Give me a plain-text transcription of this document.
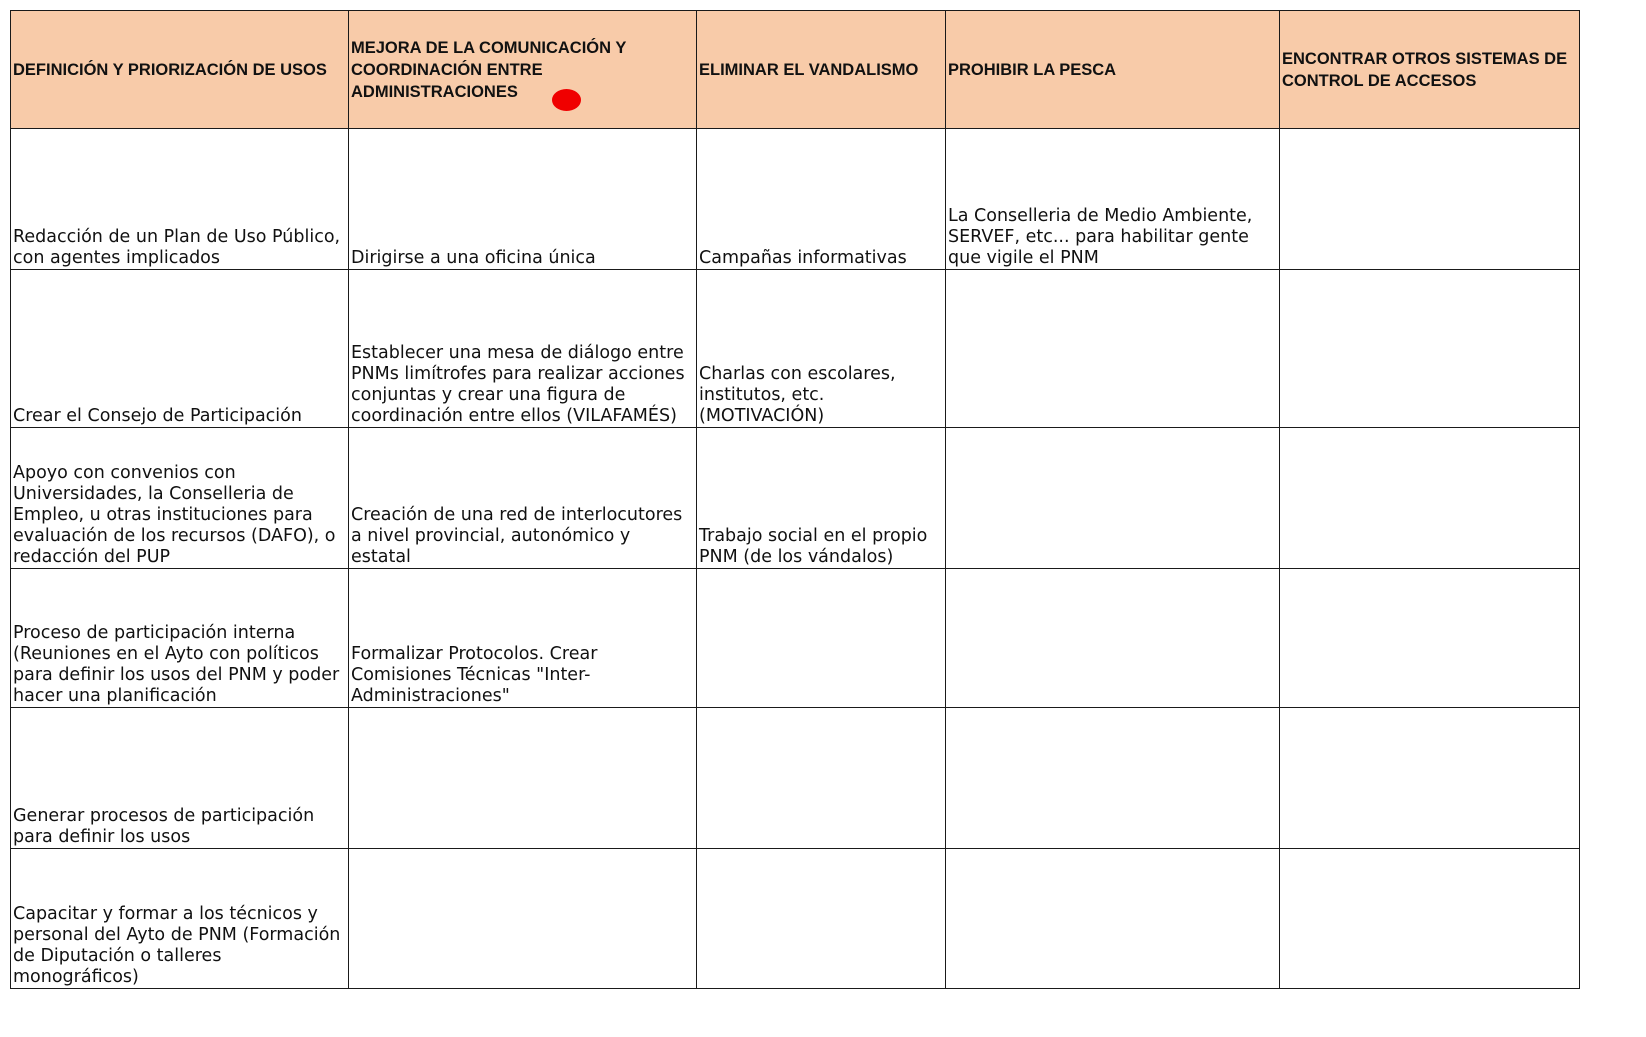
DEFINICIÓN Y PRIORIZACIÓN DE USOS	MEJORA DE LA COMUNICACIÓN Y COORDINACIÓN ENTRE ADMINISTRACIONES	ELIMINAR EL VANDALISMO	PROHIBIR LA PESCA	ENCONTRAR OTROS SISTEMAS DE CONTROL DE ACCESOS
Redacción de un Plan de Uso Público, con agentes implicados	Dirigirse a una oficina única	Campañas informativas	La Conselleria de Medio Ambiente, SERVEF, etc... para habilitar gente que vigile el PNM	
Crear el Consejo de Participación	Establecer una mesa de diálogo entre PNMs limítrofes para realizar acciones conjuntas y crear una figura de coordinación entre ellos (VILAFAMÉS)	Charlas con escolares, institutos, etc. (MOTIVACIÓN)		
Apoyo con convenios con Universidades, la Conselleria de Empleo, u otras instituciones para evaluación de los recursos (DAFO), o redacción del PUP	Creación de una red de interlocutores a nivel provincial, autonómico y estatal	Trabajo social en el propio PNM (de los vándalos)		
Proceso de participación interna (Reuniones en el Ayto con políticos para definir los usos del PNM y poder hacer una planificación	Formalizar Protocolos. Crear Comisiones Técnicas "Inter-Administraciones"			
Generar procesos de participación para definir los usos				
Capacitar y formar a los técnicos y personal del Ayto de PNM (Formación de Diputación o talleres monográficos)				
